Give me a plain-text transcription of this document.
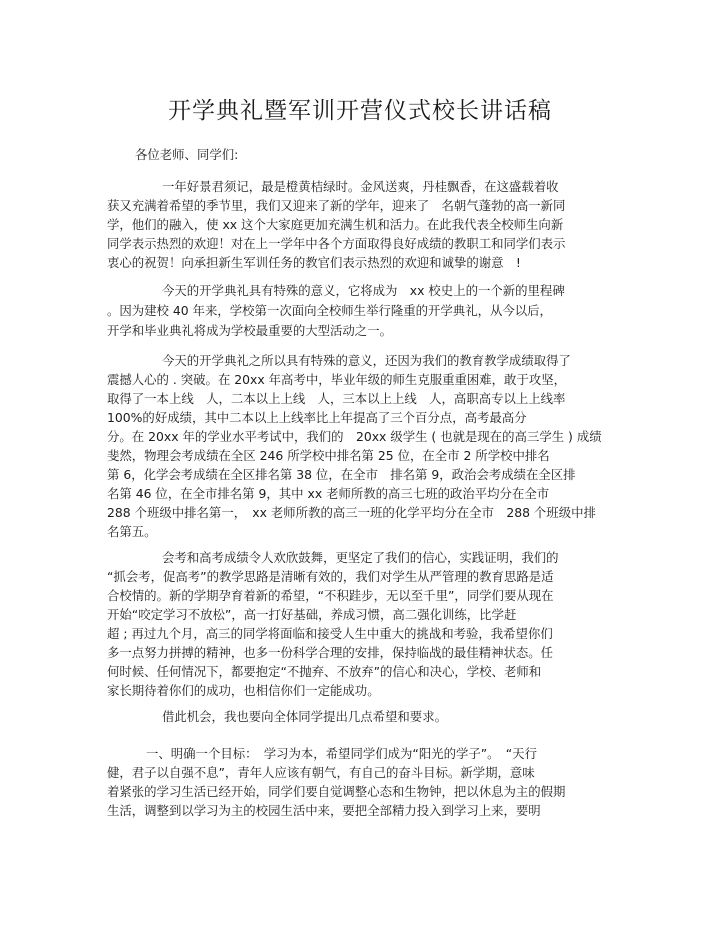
开学典礼暨军训开营仪式校长讲话稿
各位老师、同学们:
一年好景君须记，最是橙黄桔绿时。金风送爽，丹桂飘香，在这盛载着收
获又充满着希望的季节里，我们又迎来了新的学年，迎来了　名朝气蓬勃的高一新同
学，他们的融入，使 xx 这个大家庭更加充满生机和活力。在此我代表全校师生向新
同学表示热烈的欢迎！对在上一学年中各个方面取得良好成绩的教职工和同学们表示
衷心的祝贺！向承担新生军训任务的教官们表示热烈的欢迎和诚挚的谢意　!
今天的开学典礼具有特殊的意义，它将成为　xx 校史上的一个新的里程碑
。因为建校 40 年来，学校第一次面向全校师生举行隆重的开学典礼，从今以后，
开学和毕业典礼将成为学校最重要的大型活动之一。
今天的开学典礼之所以具有特殊的意义，还因为我们的教育教学成绩取得了
震撼人心的 . 突破。在 20xx 年高考中，毕业年级的师生克服重重困难，敢于攻坚，
取得了一本上线　人，二本以上上线　人，三本以上上线　人，高职高专以上上线率
100%的好成绩，其中二本以上上线率比上年提高了三个百分点，高考最高分
分。在 20xx 年的学业水平考试中，我们的　20xx 级学生 ( 也就是现在的高三学生 ) 成绩
斐然，物理会考成绩在全区 246 所学校中排名第 25 位，在全市 2 所学校中排名
第 6，化学会考成绩在全区排名第 38 位，在全市　排名第 9，政治会考成绩在全区排
名第 46 位，在全市排名第 9，其中 xx 老师所教的高三七班的政治平均分在全市
288 个班级中排名第一，　xx 老师所教的高三一班的化学平均分在全市　288 个班级中排
名第五。
会考和高考成绩令人欢欣鼓舞，更坚定了我们的信心，实践证明，我们的
“抓会考，促高考”的教学思路是清晰有效的，我们对学生从严管理的教育思路是适
合校情的。新的学期孕育着新的希望，“不积跬步，无以至千里”，同学们要从现在
开始“咬定学习不放松”，高一打好基础，养成习惯，高二强化训练，比学赶
超 ; 再过九个月，高三的同学将面临和接受人生中重大的挑战和考验，我希望你们
多一点努力拼搏的精神，也多一份科学合理的安排，保持临战的最佳精神状态。任
何时候、任何情况下，都要抱定“不抛弃、不放弃”的信心和决心，学校、老师和
家长期待着你们的成功，也相信你们一定能成功。
借此机会，我也要向全体同学提出几点希望和要求。
一、明确一个目标：　学习为本，希望同学们成为“阳光的学子”。　“天行
健，君子以自强不息”，青年人应该有朝气，有自己的奋斗目标。新学期，意味
着紧张的学习生活已经开始，同学们要自觉调整心态和生物钟，把以休息为主的假期
生活，调整到以学习为主的校园生活中来，要把全部精力投入到学习上来，要明
